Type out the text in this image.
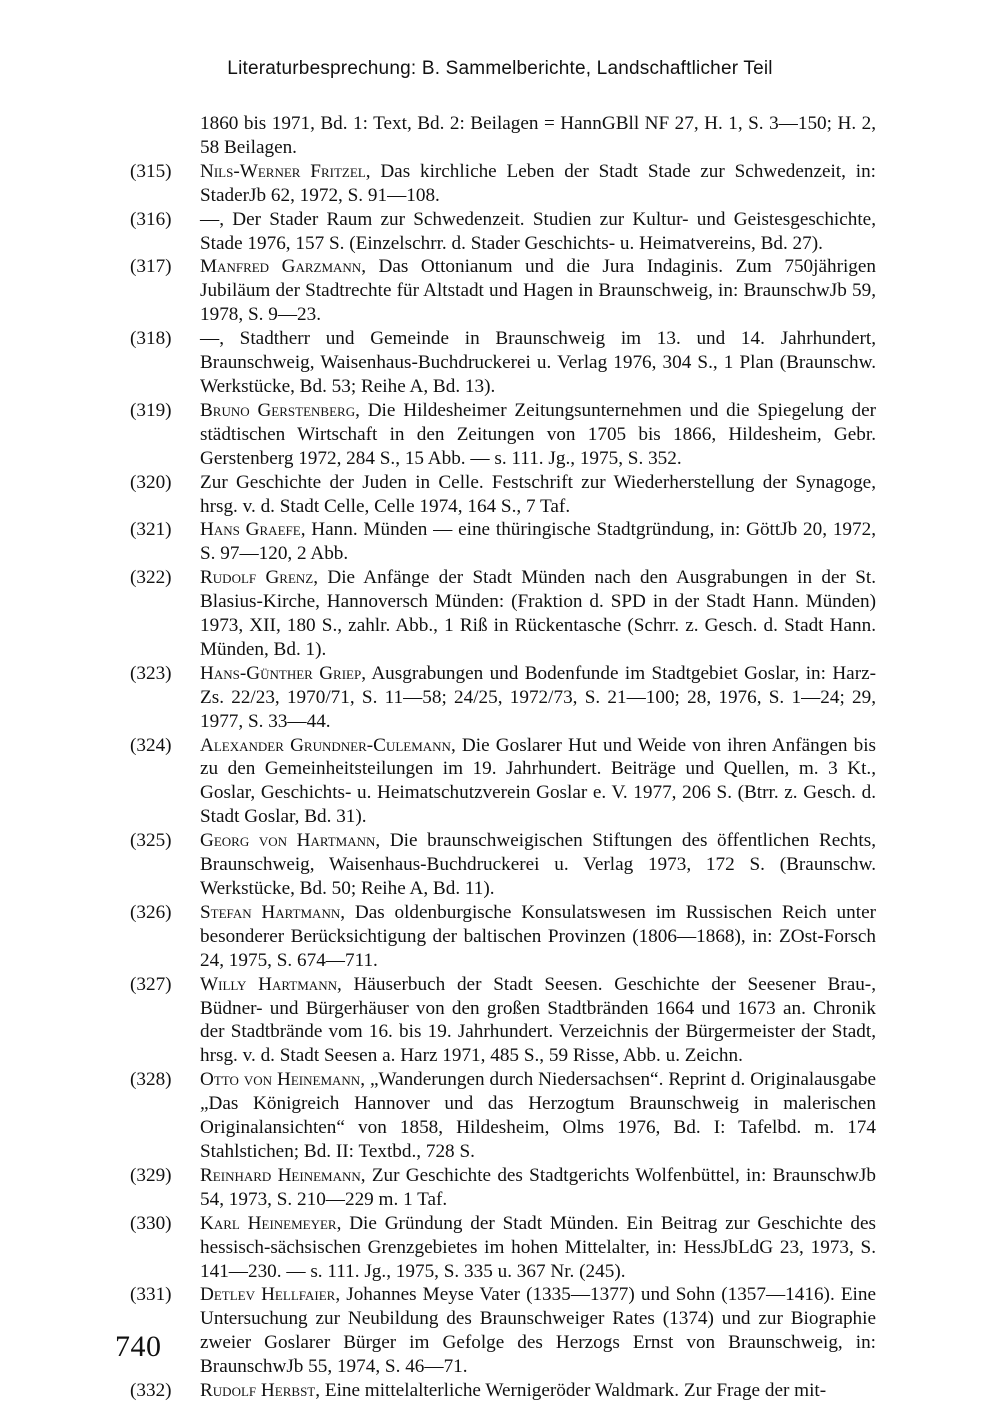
Literaturbesprechung: B. Sammelberichte, Landschaftlicher Teil
1860 bis 1971, Bd. 1: Text, Bd. 2: Beilagen = HannGBll NF 27, H. 1, S. 3—150; H. 2, 58 Beilagen.
(315) Nils-Werner Fritzel, Das kirchliche Leben der Stadt Stade zur Schwedenzeit, in: StaderJb 62, 1972, S. 91—108.
(316) —, Der Stader Raum zur Schwedenzeit. Studien zur Kultur- und Geistesgeschichte, Stade 1976, 157 S. (Einzelschrr. d. Stader Geschichts- u. Heimatvereins, Bd. 27).
(317) Manfred Garzmann, Das Ottonianum und die Jura Indaginis. Zum 750jährigen Jubiläum der Stadtrechte für Altstadt und Hagen in Braunschweig, in: BraunschwJb 59, 1978, S. 9—23.
(318) —, Stadtherr und Gemeinde in Braunschweig im 13. und 14. Jahrhundert, Braunschweig, Waisenhaus-Buchdruckerei u. Verlag 1976, 304 S., 1 Plan (Braunschw. Werkstücke, Bd. 53; Reihe A, Bd. 13).
(319) Bruno Gerstenberg, Die Hildesheimer Zeitungsunternehmen und die Spiegelung der städtischen Wirtschaft in den Zeitungen von 1705 bis 1866, Hildesheim, Gebr. Gerstenberg 1972, 284 S., 15 Abb. — s. 111. Jg., 1975, S. 352.
(320) Zur Geschichte der Juden in Celle. Festschrift zur Wiederherstellung der Synagoge, hrsg. v. d. Stadt Celle, Celle 1974, 164 S., 7 Taf.
(321) Hans Graefe, Hann. Münden — eine thüringische Stadtgründung, in: GöttJb 20, 1972, S. 97—120, 2 Abb.
(322) Rudolf Grenz, Die Anfänge der Stadt Münden nach den Ausgrabungen in der St. Blasius-Kirche, Hannoversch Münden: (Fraktion d. SPD in der Stadt Hann. Münden) 1973, XII, 180 S., zahlr. Abb., 1 Riß in Rückentasche (Schrr. z. Gesch. d. Stadt Hann. Münden, Bd. 1).
(323) Hans-Günther Griep, Ausgrabungen und Bodenfunde im Stadtgebiet Goslar, in: Harz-Zs. 22/23, 1970/71, S. 11—58; 24/25, 1972/73, S. 21—100; 28, 1976, S. 1—24; 29, 1977, S. 33—44.
(324) Alexander Grundner-Culemann, Die Goslarer Hut und Weide von ihren Anfängen bis zu den Gemeinheitsteilungen im 19. Jahrhundert. Beiträge und Quellen, m. 3 Kt., Goslar, Geschichts- u. Heimatschutzverein Goslar e. V. 1977, 206 S. (Btrr. z. Gesch. d. Stadt Goslar, Bd. 31).
(325) Georg von Hartmann, Die braunschweigischen Stiftungen des öffentlichen Rechts, Braunschweig, Waisenhaus-Buchdruckerei u. Verlag 1973, 172 S. (Braunschw. Werkstücke, Bd. 50; Reihe A, Bd. 11).
(326) Stefan Hartmann, Das oldenburgische Konsulatswesen im Russischen Reich unter besonderer Berücksichtigung der baltischen Provinzen (1806—1868), in: ZOst-Forsch 24, 1975, S. 674—711.
(327) Willy Hartmann, Häuserbuch der Stadt Seesen. Geschichte der Seesener Brau-, Büdner- und Bürgerhäuser von den großen Stadtbränden 1664 und 1673 an. Chronik der Stadtbrände vom 16. bis 19. Jahrhundert. Verzeichnis der Bürgermeister der Stadt, hrsg. v. d. Stadt Seesen a. Harz 1971, 485 S., 59 Risse, Abb. u. Zeichn.
(328) Otto von Heinemann, „Wanderungen durch Niedersachsen“. Reprint d. Originalausgabe „Das Königreich Hannover und das Herzogtum Braunschweig in malerischen Originalansichten“ von 1858, Hildesheim, Olms 1976, Bd. I: Tafelbd. m. 174 Stahlstichen; Bd. II: Textbd., 728 S.
(329) Reinhard Heinemann, Zur Geschichte des Stadtgerichts Wolfenbüttel, in: BraunschwJb 54, 1973, S. 210—229 m. 1 Taf.
(330) Karl Heinemeyer, Die Gründung der Stadt Münden. Ein Beitrag zur Geschichte des hessisch-sächsischen Grenzgebietes im hohen Mittelalter, in: HessJbLdG 23, 1973, S. 141—230. — s. 111. Jg., 1975, S. 335 u. 367 Nr. (245).
(331) Detlev Hellfaier, Johannes Meyse Vater (1335—1377) und Sohn (1357—1416). Eine Untersuchung zur Neubildung des Braunschweiger Rates (1374) und zur Biographie zweier Goslarer Bürger im Gefolge des Herzogs Ernst von Braunschweig, in: BraunschwJb 55, 1974, S. 46—71.
(332) Rudolf Herbst, Eine mittelalterliche Wernigeröder Waldmark. Zur Frage der mit-
740
